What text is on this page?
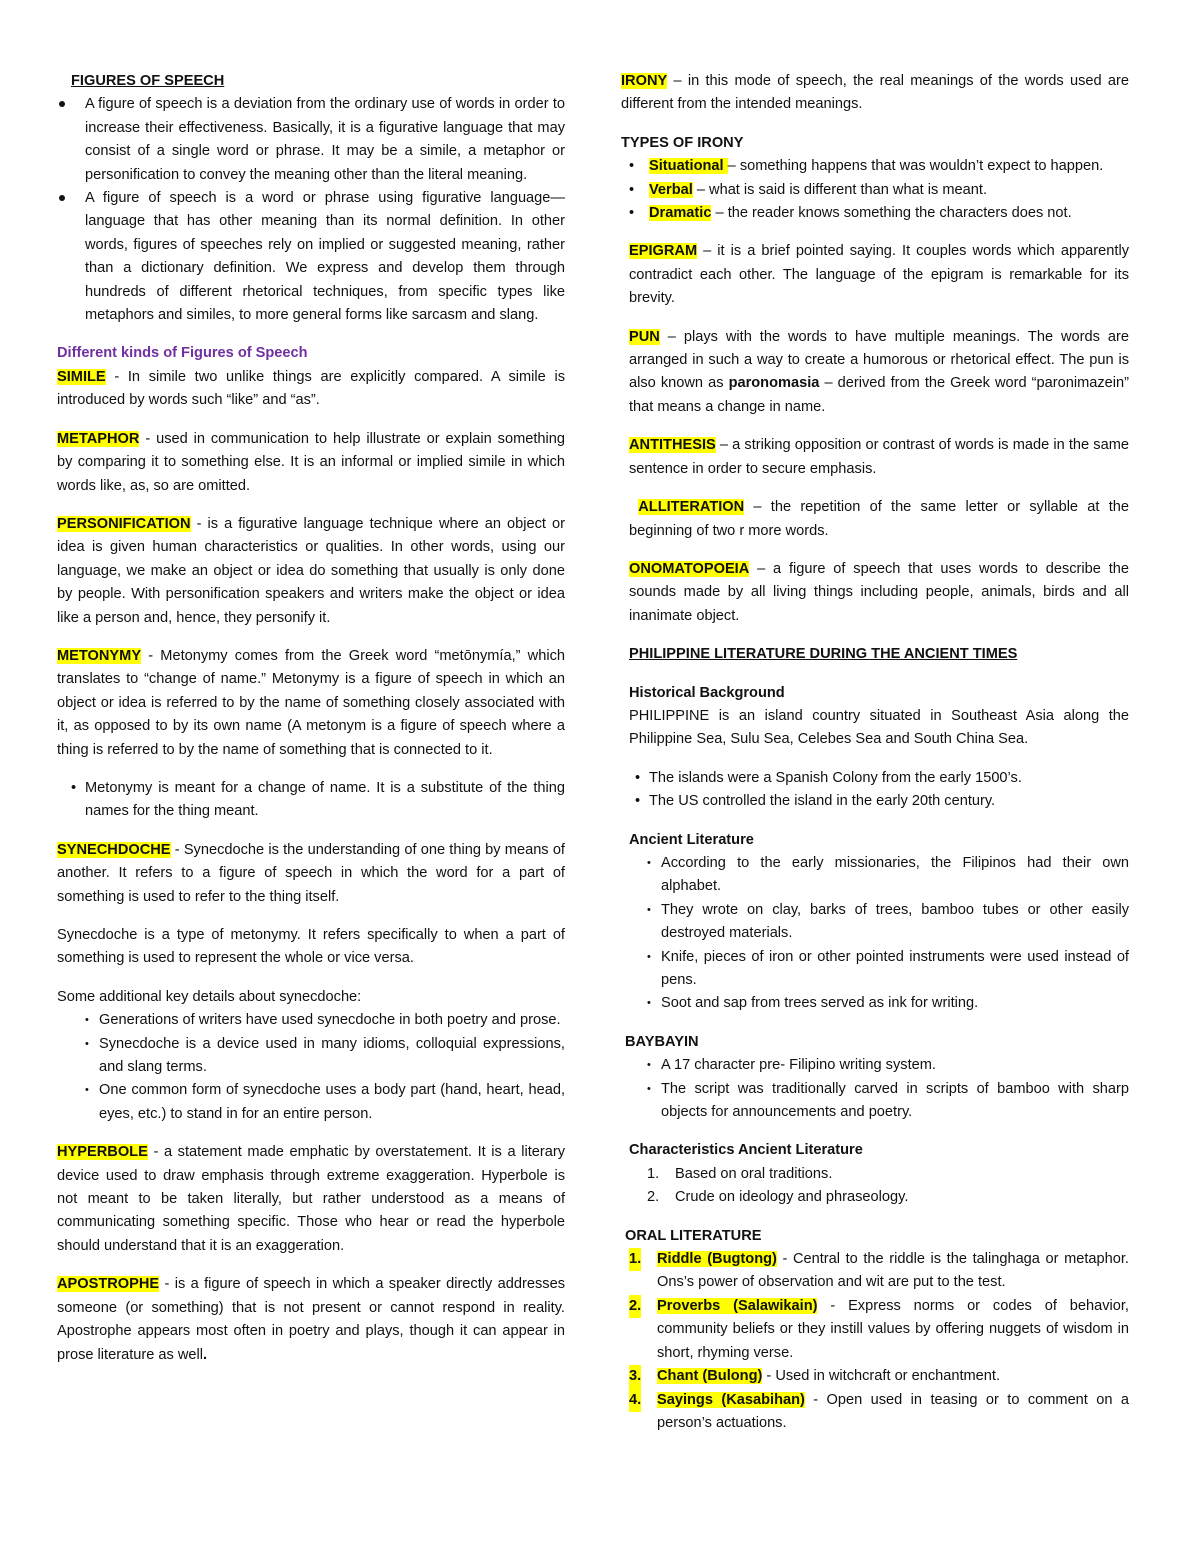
FIGURES OF SPEECH

A figure of speech is a deviation from the ordinary use of words in order to increase their effectiveness. Basically, it is a figurative language that may consist of a single word or phrase. It may be a simile, a metaphor or personification to convey the meaning other than the literal meaning.
A figure of speech is a word or phrase using figurative language—language that has other meaning than its normal definition. In other words, figures of speeches rely on implied or suggested meaning, rather than a dictionary definition. We express and develop them through hundreds of different rhetorical techniques, from specific types like metaphors and similes, to more general forms like sarcasm and slang.

Different kinds of Figures of Speech

SIMILE - In simile two unlike things are explicitly compared. A simile is introduced by words such “like” and “as”.

METAPHOR - used in communication to help illustrate or explain something by comparing it to something else. It is an informal or implied simile in which words like, as, so are omitted.

PERSONIFICATION - is a figurative language technique where an object or idea is given human characteristics or qualities. In other words, using our language, we make an object or idea do something that usually is only done by people. With personification speakers and writers make the object or idea like a person and, hence, they personify it.

METONYMY - Metonymy comes from the Greek word “metōnymía,” which translates to “change of name.” Metonymy is a figure of speech in which an object or idea is referred to by the name of something closely associated with it, as opposed to by its own name (A metonym is a figure of speech where a thing is referred to by the name of something that is connected to it.

• Metonymy is meant for a change of name. It is a substitute of the thing names for the thing meant.

SYNECHDOCHE - Synecdoche is the understanding of one thing by means of another. It refers to a figure of speech in which the word for a part of something is used to refer to the thing itself.

Synecdoche is a type of metonymy. It refers specifically to when a part of something is used to represent the whole or vice versa.

Some additional key details about synecdoche:

• Generations of writers have used synecdoche in both poetry and prose.
• Synecdoche is a device used in many idioms, colloquial expressions, and slang terms.
• One common form of synecdoche uses a body part (hand, heart, head, eyes, etc.) to stand in for an entire person.

HYPERBOLE - a statement made emphatic by overstatement. It is a literary device used to draw emphasis through extreme exaggeration. Hyperbole is not meant to be taken literally, but rather understood as a means of communicating something specific. Those who hear or read the hyperbole should understand that it is an exaggeration.

APOSTROPHE - is a figure of speech in which a speaker directly addresses someone (or something) that is not present or cannot respond in reality. Apostrophe appears most often in poetry and plays, though it can appear in prose literature as well.

IRONY – in this mode of speech, the real meanings of the words used are different from the intended meanings.

TYPES OF IRONY

• Situational – something happens that was wouldn’t expect to happen.
• Verbal – what is said is different than what is meant.
• Dramatic – the reader knows something the characters does not.

EPIGRAM – it is a brief pointed saying. It couples words which apparently contradict each other. The language of the epigram is remarkable for its brevity.

PUN – plays with the words to have multiple meanings. The words are arranged in such a way to create a humorous or rhetorical effect. The pun is also known as paronomasia – derived from the Greek word “paronimazein” that means a change in name.

ANTITHESIS – a striking opposition or contrast of words is made in the same sentence in order to secure emphasis.

ALLITERATION – the repetition of the same letter or syllable at the beginning of two r more words.

ONOMATOPOEIA – a figure of speech that uses words to describe the sounds made by all living things including people, animals, birds and all inanimate object.

PHILIPPINE LITERATURE DURING THE ANCIENT TIMES

Historical Background

PHILIPPINE is an island country situated in Southeast Asia along the Philippine Sea, Sulu Sea, Celebes Sea and South China Sea.

• The islands were a Spanish Colony from the early 1500’s.
• The US controlled the island in the early 20th century.

Ancient Literature

• According to the early missionaries, the Filipinos had their own alphabet.
• They wrote on clay, barks of trees, bamboo tubes or other easily destroyed materials.
• Knife, pieces of iron or other pointed instruments were used instead of pens.
• Soot and sap from trees served as ink for writing.

BAYBAYIN

• A 17 character pre- Filipino writing system.
• The script was traditionally carved in scripts of bamboo with sharp objects for announcements and poetry.

Characteristics Ancient Literature

1. Based on oral traditions.
2. Crude on ideology and phraseology.

ORAL LITERATURE

1. Riddle (Bugtong) - Central to the riddle is the talinghaga or metaphor. Ons’s power of observation and wit are put to the test.
2. Proverbs (Salawikain) - Express norms or codes of behavior, community beliefs or they instill values by offering nuggets of wisdom in short, rhyming verse.
3. Chant (Bulong) - Used in witchcraft or enchantment.
4. Sayings (Kasabihan) - Open used in teasing or to comment on a person’s actuations.
